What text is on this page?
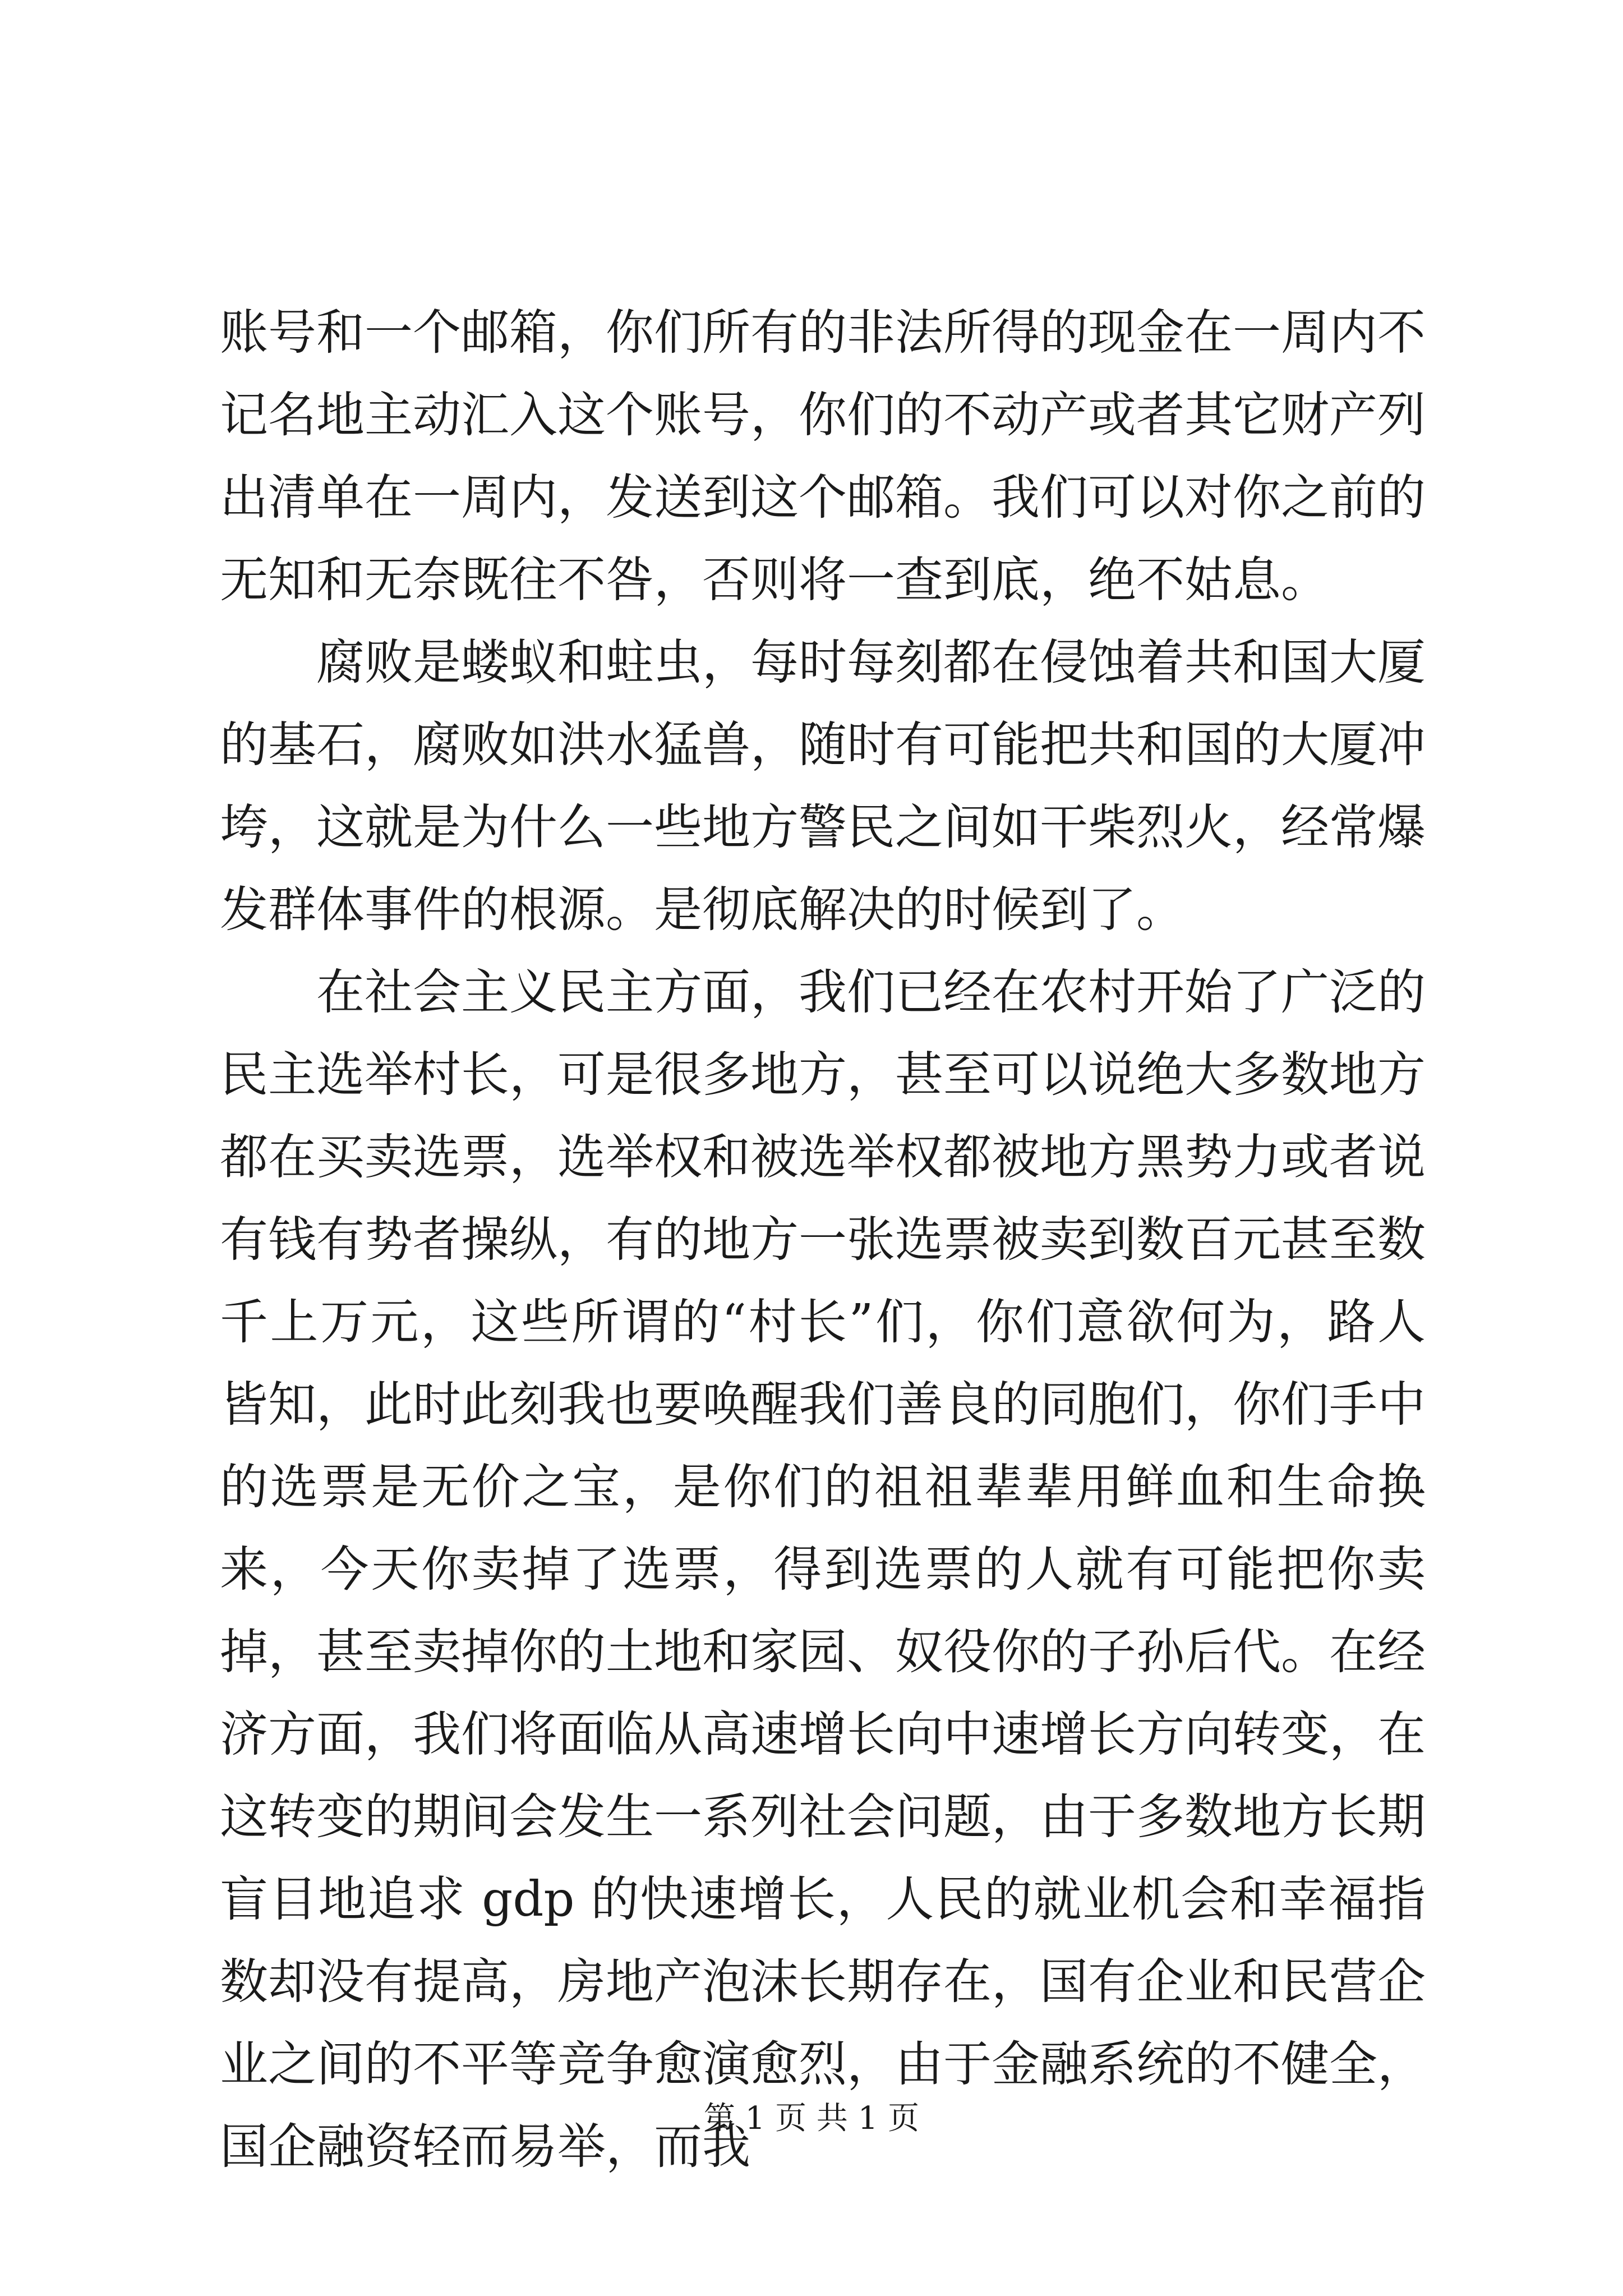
账号和一个邮箱，你们所有的非法所得的现金在一周内不记名地主动汇入这个账号，你们的不动产或者其它财产列出清单在一周内，发送到这个邮箱。我们可以对你之前的无知和无奈既往不咎，否则将一查到底，绝不姑息。

腐败是蝼蚁和蛀虫，每时每刻都在侵蚀着共和国大厦的基石，腐败如洪水猛兽，随时有可能把共和国的大厦冲垮，这就是为什么一些地方警民之间如干柴烈火，经常爆发群体事件的根源。是彻底解决的时候到了。

在社会主义民主方面，我们已经在农村开始了广泛的民主选举村长，可是很多地方，甚至可以说绝大多数地方都在买卖选票，选举权和被选举权都被地方黑势力或者说有钱有势者操纵，有的地方一张选票被卖到数百元甚至数千上万元，这些所谓的“村长”们，你们意欲何为，路人皆知，此时此刻我也要唤醒我们善良的同胞们，你们手中的选票是无价之宝，是你们的祖祖辈辈用鲜血和生命换来，今天你卖掉了选票，得到选票的人就有可能把你卖掉，甚至卖掉你的土地和家园、奴役你的子孙后代。在经济方面，我们将面临从高速增长向中速增长方向转变，在这转变的期间会发生一系列社会问题，由于多数地方长期盲目地追求 gdp 的快速增长，人民的就业机会和幸福指数却没有提高，房地产泡沫长期存在，国有企业和民营企业之间的不平等竞争愈演愈烈，由于金融系统的不健全，国企融资轻而易举，而我

第 1 页 共 1 页
